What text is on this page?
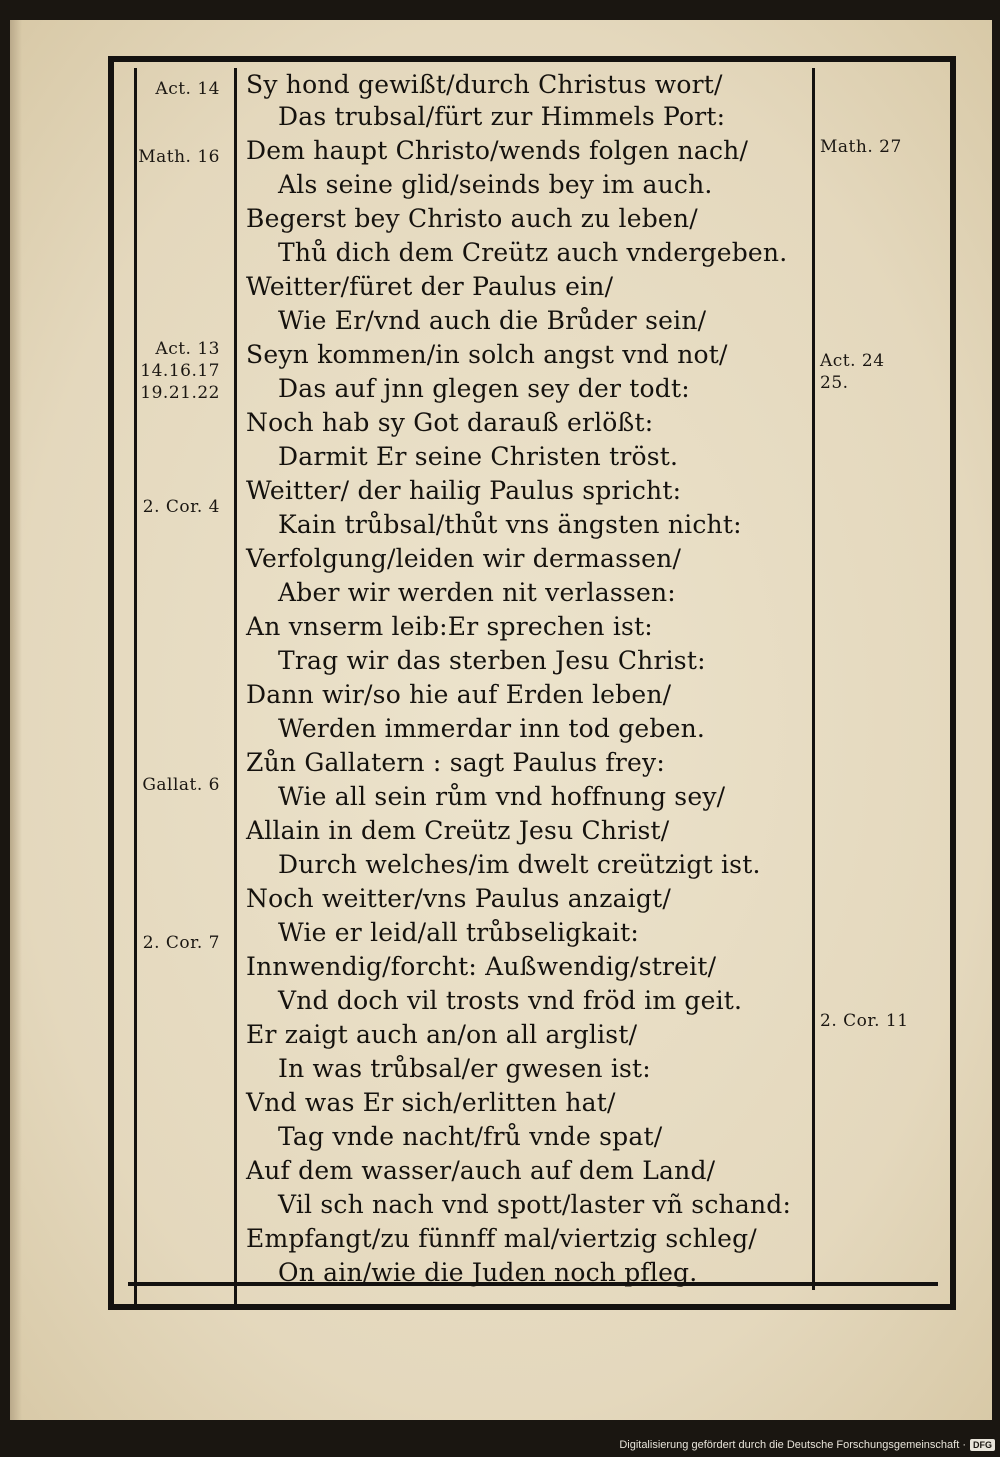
Act. 14
Math. 16
Act. 13
14.16.17
19.21.22
2. Cor. 4
Gallat. 6
2. Cor. 7
Math. 27
Act. 24
25.
2. Cor. 11
Sy hond gewißt/durch Christus wort/
Das trubsal/fürt zur Himmels Port:
Dem haupt Christo/wends folgen nach/
Als seine glid/seinds bey im auch.
Begerst bey Christo auch zu leben/
Thů dich dem Creütz auch vndergeben.
Weitter/füret der Paulus ein/
Wie Er/vnd auch die Brůder sein/
Seyn kommen/in solch angst vnd not/
Das auf jnn glegen sey der todt:
Noch hab sy Got darauß erlößt:
Darmit Er seine Christen tröst.
Weitter/ der hailig Paulus spricht:
Kain trůbsal/thůt vns ängsten nicht:
Verfolgung/leiden wir dermassen/
Aber wir werden nit verlassen:
An vnserm leib:Er sprechen ist:
Trag wir das sterben Jesu Christ:
Dann wir/so hie auf Erden leben/
Werden immerdar inn tod geben.
Zůn Gallatern : sagt Paulus frey:
Wie all sein rům vnd hoffnung sey/
Allain in dem Creütz Jesu Christ/
Durch welches/im dwelt creützigt ist.
Noch weitter/vns Paulus anzaigt/
Wie er leid/all trůbseligkait:
Innwendig/forcht: Außwendig/streit/
Vnd doch vil trosts vnd fröd im geit.
Er zaigt auch an/on all arglist/
In was trůbsal/er gwesen ist:
Vnd was Er sich/erlitten hat/
Tag vnde nacht/frů vnde spat/
Auf dem wasser/auch auf dem Land/
Vil sch nach vnd spott/laster vñ schand:
Empfangt/zu fünnff mal/viertzig schleg/
On ain/wie die Juden noch pfleg.
Digitalisierung gefördert durch die Deutsche Forschungsgemeinschaft · DFG
